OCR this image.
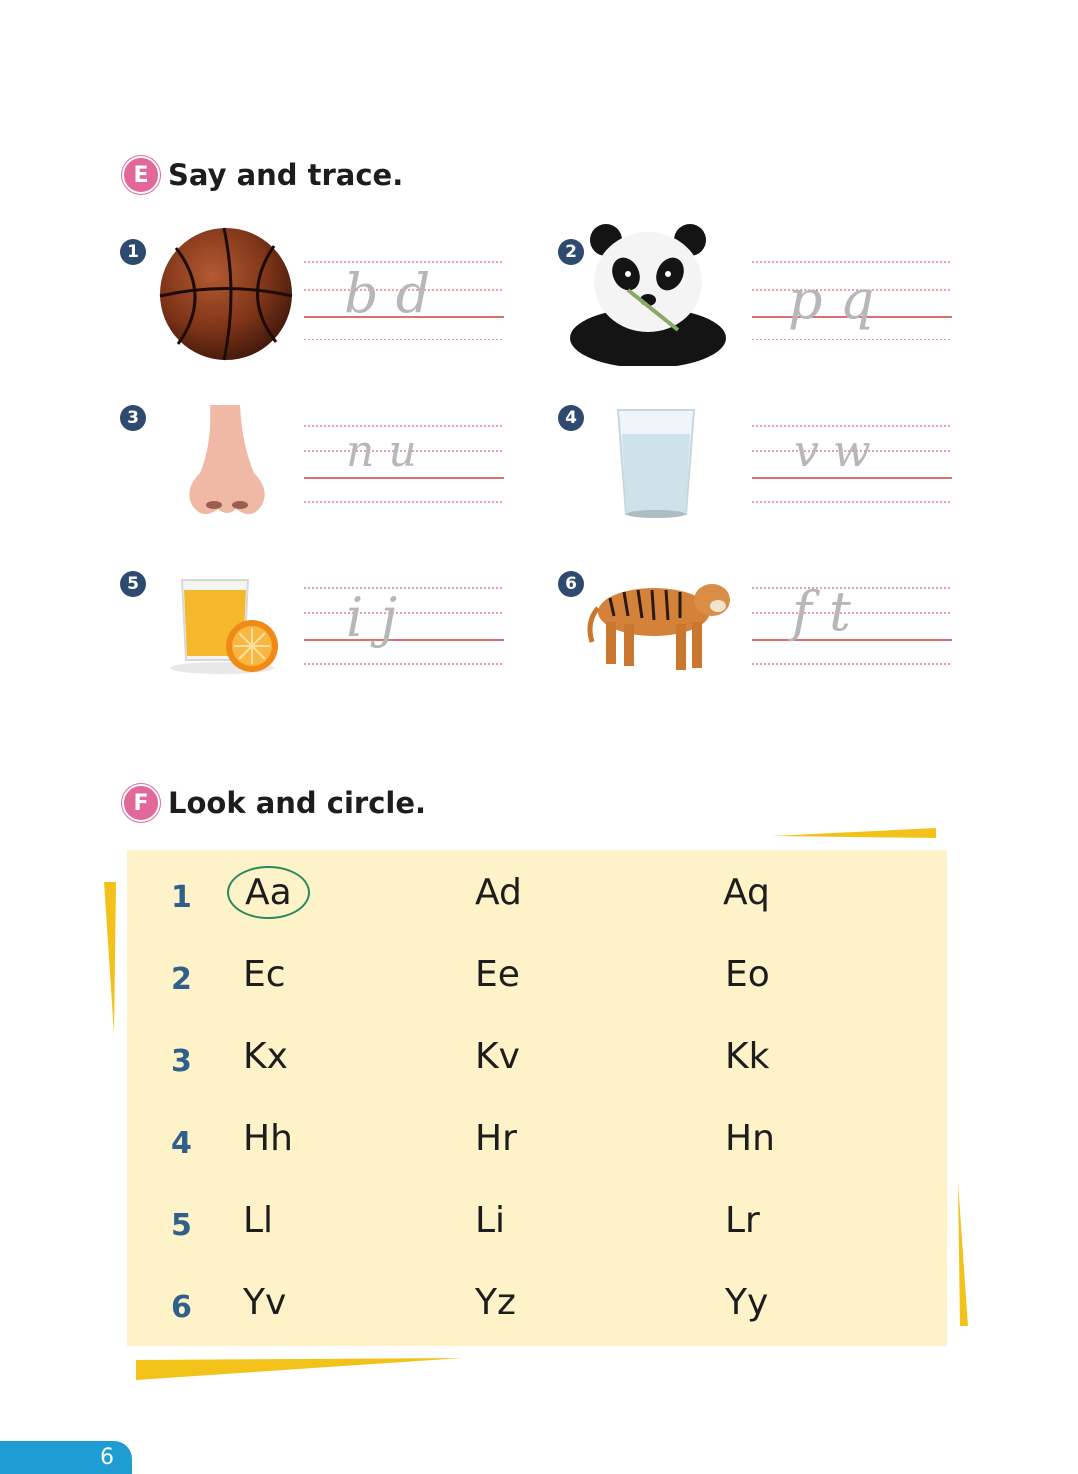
E Say and trace.
1
b d
2
p q
3
n u
4
v w
5
i j
6	f t
F Look and circle.
1	Aa	Ad	Aq
2 Ec	Ee	Eo
3 Kx	Kv	Kk
4 Hh	Hr	Hn
5 Ll	Li	Lr
6 Yv	Yz	Yy
6
